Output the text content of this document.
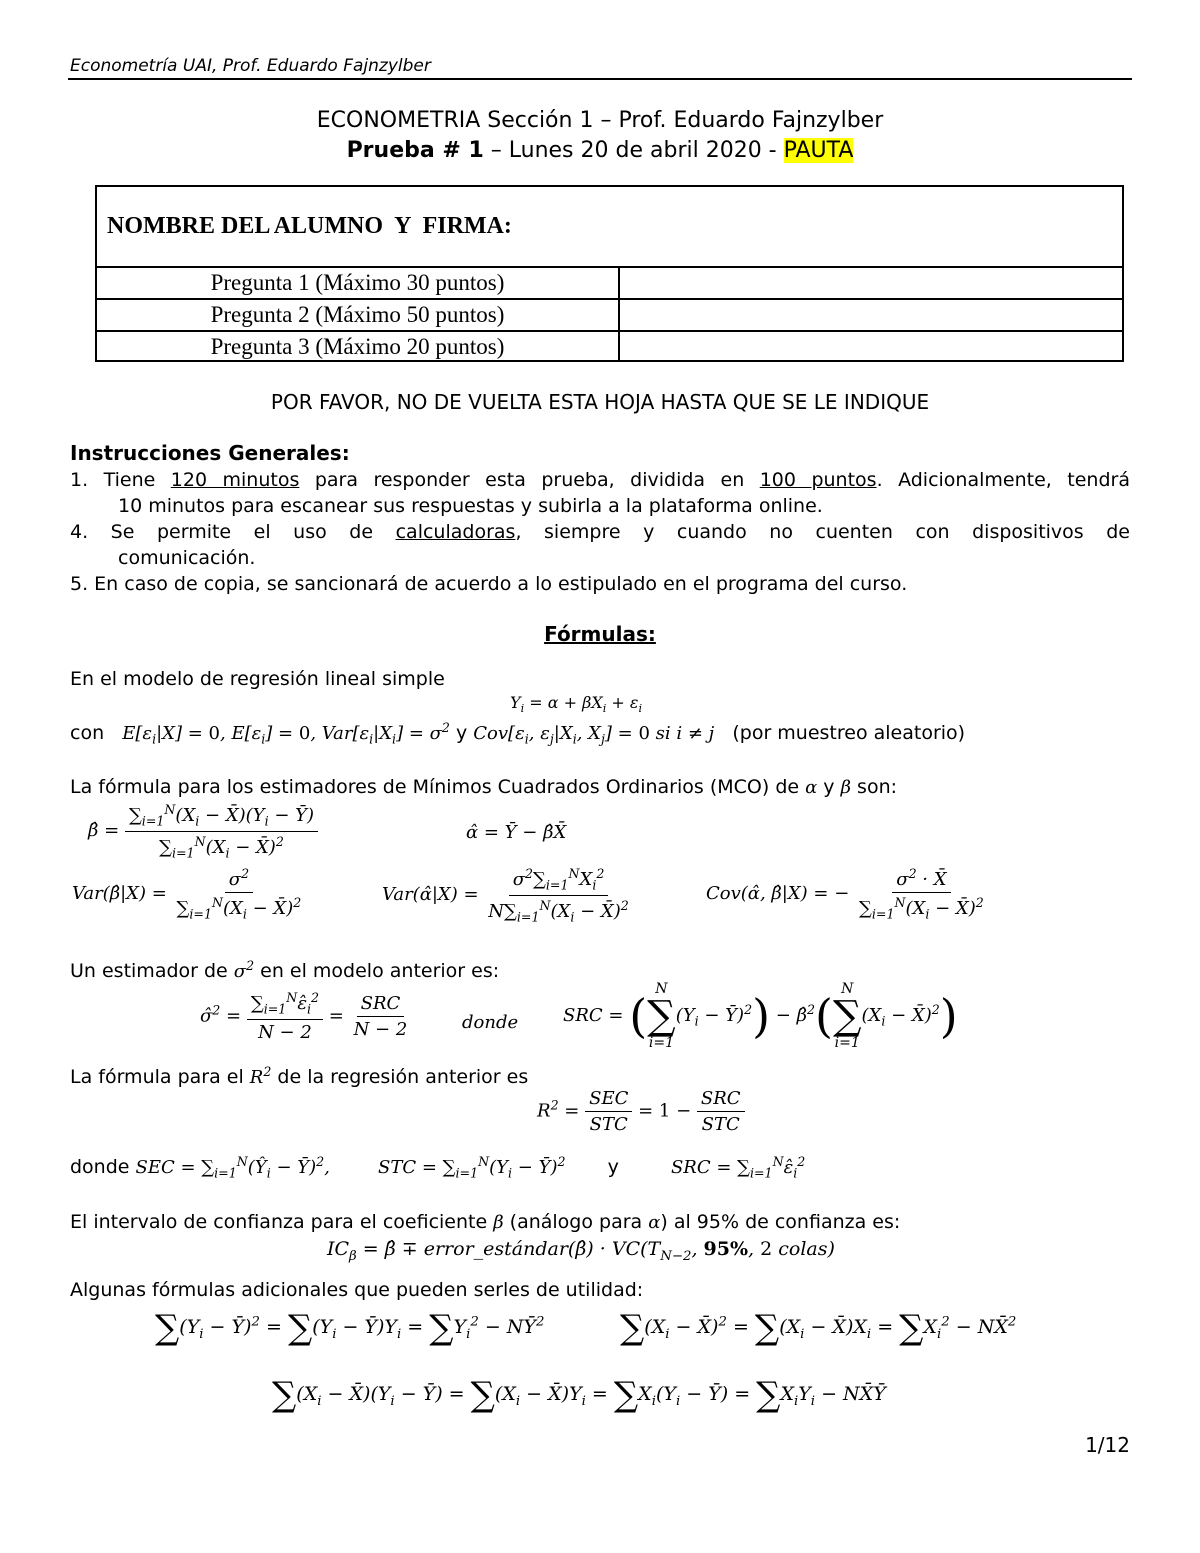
Econometría UAI, Prof. Eduardo Fajnzylber
ECONOMETRIA Sección 1 – Prof. Eduardo Fajnzylber
Prueba # 1 – Lunes 20 de abril 2020 - PAUTA
NOMBRE DEL ALUMNO  Y  FIRMA:
Pregunta 1 (Máximo 30 puntos)	
Pregunta 2 (Máximo 50 puntos)	
Pregunta 3 (Máximo 20 puntos)	
POR FAVOR, NO DE VUELTA ESTA HOJA HASTA QUE SE LE INDIQUE
Instrucciones Generales:
1. Tiene 120 minutos para responder esta prueba, dividida en 100 puntos. Adicionalmente, tendrá
10 minutos para escanear sus respuestas y subirla a la plataforma online.
4.  Se  permite  el  uso  de  calculadoras,  siempre  y  cuando  no  cuenten  con  dispositivos  de
comunicación.
5. En caso de copia, se sancionará de acuerdo a lo estipulado en el programa del curso.
Fórmulas:
En el modelo de regresión lineal simple
$Y_i = \alpha + \beta X_i + \varepsilon_i$
con $E[\varepsilon_i|X] = 0$, $E[\varepsilon_i] = 0$, $Var[\varepsilon_i|X_i] = \sigma^2$ y $Cov[\varepsilon_i$, $\varepsilon_j|X_i$, $X_j] = 0$ si i ≠ j (por muestreo aleatorio)
La fórmula para los estimadores de Mínimos Cuadrados Ordinarios (MCO) de α y β son:
β̂ = $\frac{\sum_{i=1}^N(X_i - X̄)(Y_i - Ȳ)}{\sum_{i=1}^N(X_i - X̄)^2}$	α̂ = Ȳ − β̂X̄
Var(β̂|X) = $\frac{\sigma^2}{\sum_{i=1}^N(X_i - X̄)^2}$	Var(α̂|X) = $\frac{\sigma^2\sum_{i=1}^NX_i^2}{N\sum_{i=1}^N(X_i - X̄)^2}$	Cov(α̂, β̂|X) = − $\frac{\sigma^2 \cdot X̄}{\sum_{i=1}^N(X_i - X̄)^2}$
Un estimador de $\sigma^2$ en el modelo anterior es:
σ̂$^2$ = $\frac{\sum_{i=1}^N\varepsilon̂_i^2}{N - 2} = \frac{\text{SRC}}{N - 2}$	donde SRC = ( N
∑
i=1
($Y_i$ − Ȳ)$^2$) − β̂$^2$( N
∑
i=1
($X_i$ − X̄)$^2$)
La fórmula para el $R^2$ de la regresión anterior es
$R^2 = \frac{\text{SEC}}{\text{STC}} = 1 - \frac{\text{SRC}}{\text{STC}}$
donde SEC = $\sum_{i=1}^N(Ŷ_i$ − Ȳ)$^2$,	STC = $\sum_{i=1}^N(Y_i$ − Ȳ)$^2$ y	SRC = $\sum_{i=1}^N\varepsilon̂_i^2$
El intervalo de confianza para el coeficiente β (análogo para α) al 95% de confianza es:
$IC_\beta$ = β̂ ∓ error_estándar(β̂) · $VC(T_{N-2}$, 95%, 2 colas)
Algunas fórmulas adicionales que pueden serles de utilidad:
$\sum(Y_i$ − Ȳ)$^2$ = $\sum(Y_i$ − $Ȳ)Y_i = \sum Y_i^2$ − $NȲ^2$ $\sum(X_i$ − X̄)$^2$ = $\sum(X_i$ − $X̄)X_i = \sum X_i^2$ − NX̄$^2$
$\sum(X_i$ − $X̄)(Y_i$ − Ȳ) = $\sum(X_i$ − $X̄)Y_i = \sum X_i(Y_i$ − Ȳ) = $\sum X_iY_i$ − NX̄Ȳ
1/12
